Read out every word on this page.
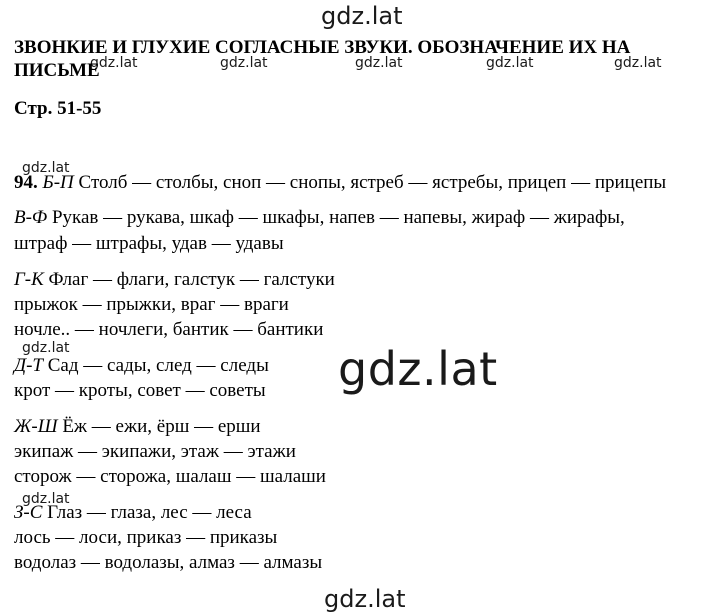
gdz.lat
gdz.lat	gdz.lat	gdz.lat	gdz.lat	gdz.lat
gdz.lat
gdz.lat
gdz.lat
gdz.lat
gdz.lat
ЗВОНКИЕ И ГЛУХИЕ СОГЛАСНЫЕ ЗВУКИ. ОБОЗНАЧЕНИЕ ИХ НА ПИСЬМЕ
Стр. 51-55
94. Б-П Столб — столбы, сноп — снопы, ястреб — ястребы, прицеп — прицепы
В-Ф Рукав — рукава, шкаф — шкафы, напев — напевы, жираф — жирафы,
штраф — штрафы, удав — удавы
Г-К Флаг — флаги, галстук — галстуки
прыжок — прыжки, враг — враги
ночле.. — ночлеги, бантик — бантики
Д-Т Сад — сады, след — следы
крот — кроты, совет — советы
Ж-Ш Ёж — ежи, ёрш — ерши
экипаж — экипажи, этаж — этажи
сторож — сторожа, шалаш — шалаши
З-С Глаз — глаза, лес — леса
лось — лоси, приказ — приказы
водолаз — водолазы, алмаз — алмазы
